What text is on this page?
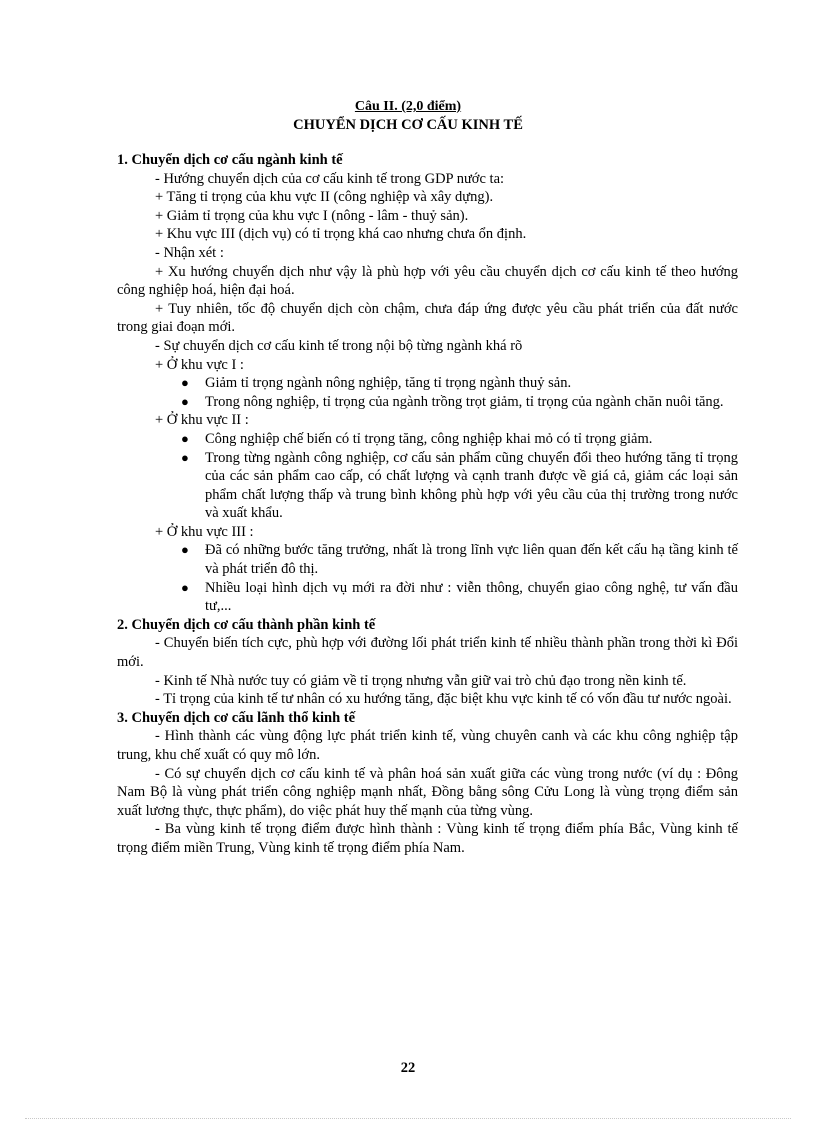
Câu II. (2,0 điểm)
CHUYỂN DỊCH CƠ CẤU KINH TẾ

1. Chuyển dịch cơ cấu ngành kinh tế

- Hướng chuyển dịch của cơ cấu kinh tế trong GDP nước ta:

+ Tăng tỉ trọng của khu vực II (công nghiệp và xây dựng).

+ Giảm tỉ trọng của khu vực I (nông - lâm - thuỷ sản).

+ Khu vực III (dịch vụ) có tỉ trọng khá cao nhưng chưa ổn định.

- Nhận xét :

+ Xu hướng chuyển dịch như vậy là phù hợp với yêu cầu chuyển dịch cơ cấu kinh tế theo hướng công nghiệp hoá, hiện đại hoá.

+ Tuy nhiên, tốc độ chuyển dịch còn chậm, chưa đáp ứng được yêu cầu phát triển của đất nước trong giai đoạn mới.

- Sự chuyển dịch cơ cấu kinh tế trong nội bộ từng ngành khá rõ

+ Ở khu vực I :

● Giảm tỉ trọng ngành nông nghiệp, tăng tỉ trọng ngành thuỷ sản.
● Trong nông nghiệp, tỉ trọng của ngành trồng trọt giảm, tỉ trọng của ngành chăn nuôi tăng.

+ Ở khu vực II :

● Công nghiệp chế biến có tỉ trọng tăng, công nghiệp khai mỏ có tỉ trọng giảm.
● Trong từng ngành công nghiệp, cơ cấu sản phẩm cũng chuyển đổi theo hướng tăng tỉ trọng của các sản phẩm cao cấp, có chất lượng và cạnh tranh được về giá cả, giảm các loại sản phẩm chất lượng thấp và trung bình không phù hợp với yêu cầu của thị trường trong nước và xuất khẩu.

+ Ở khu vực III :

● Đã có những bước tăng trưởng, nhất là trong lĩnh vực liên quan đến kết cấu hạ tầng kinh tế và phát triển đô thị.
● Nhiều loại hình dịch vụ mới ra đời như : viễn thông, chuyển giao công nghệ, tư vấn đầu tư,...

2. Chuyển dịch cơ cấu thành phần kinh tế

- Chuyển biến tích cực, phù hợp với đường lối phát triển kinh tế nhiều thành phần trong thời kì Đổi mới.

- Kinh tế Nhà nước tuy có giảm về tỉ trọng nhưng vẫn giữ vai trò chủ đạo trong nền kinh tế.

- Tỉ trọng của kinh tế tư nhân có xu hướng tăng, đặc biệt khu vực kinh tế có vốn đầu tư nước ngoài.

3. Chuyển dịch cơ cấu lãnh thổ kinh tế

- Hình thành các vùng động lực phát triển kinh tế, vùng chuyên canh và các khu công nghiệp tập trung, khu chế xuất có quy mô lớn.

- Có sự chuyển dịch cơ cấu kinh tế và phân hoá sản xuất giữa các vùng trong nước (ví dụ : Đông Nam Bộ là vùng phát triển công nghiệp mạnh nhất, Đồng bằng sông Cửu Long là vùng trọng điểm sản xuất lương thực, thực phẩm), do việc phát huy thế mạnh của từng vùng.

- Ba vùng kinh tế trọng điểm được hình thành : Vùng kinh tế trọng điểm phía Bắc, Vùng kinh tế trọng điểm miền Trung, Vùng kinh tế trọng điểm phía Nam.

22
